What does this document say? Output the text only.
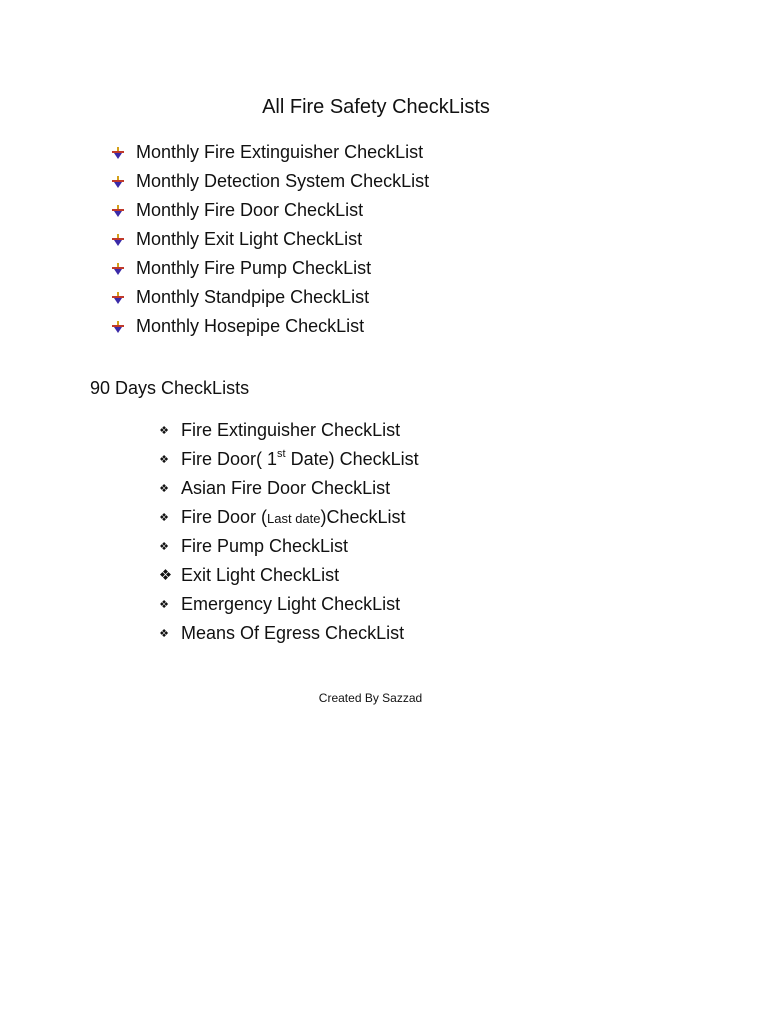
All Fire Safety CheckLists
Monthly Fire Extinguisher CheckList
Monthly Detection System CheckList
Monthly Fire Door CheckList
Monthly Exit Light CheckList
Monthly Fire Pump CheckList
Monthly Standpipe CheckList
Monthly Hosepipe CheckList
90 Days CheckLists
❖ Fire Extinguisher CheckList
❖ Fire Door( 1st Date) CheckList
❖ Asian Fire Door CheckList
❖ Fire Door (Last date)CheckList
❖ Fire Pump CheckList
❖ Exit Light CheckList
❖ Emergency Light CheckList
❖ Means Of Egress CheckList
Created By Sazzad
